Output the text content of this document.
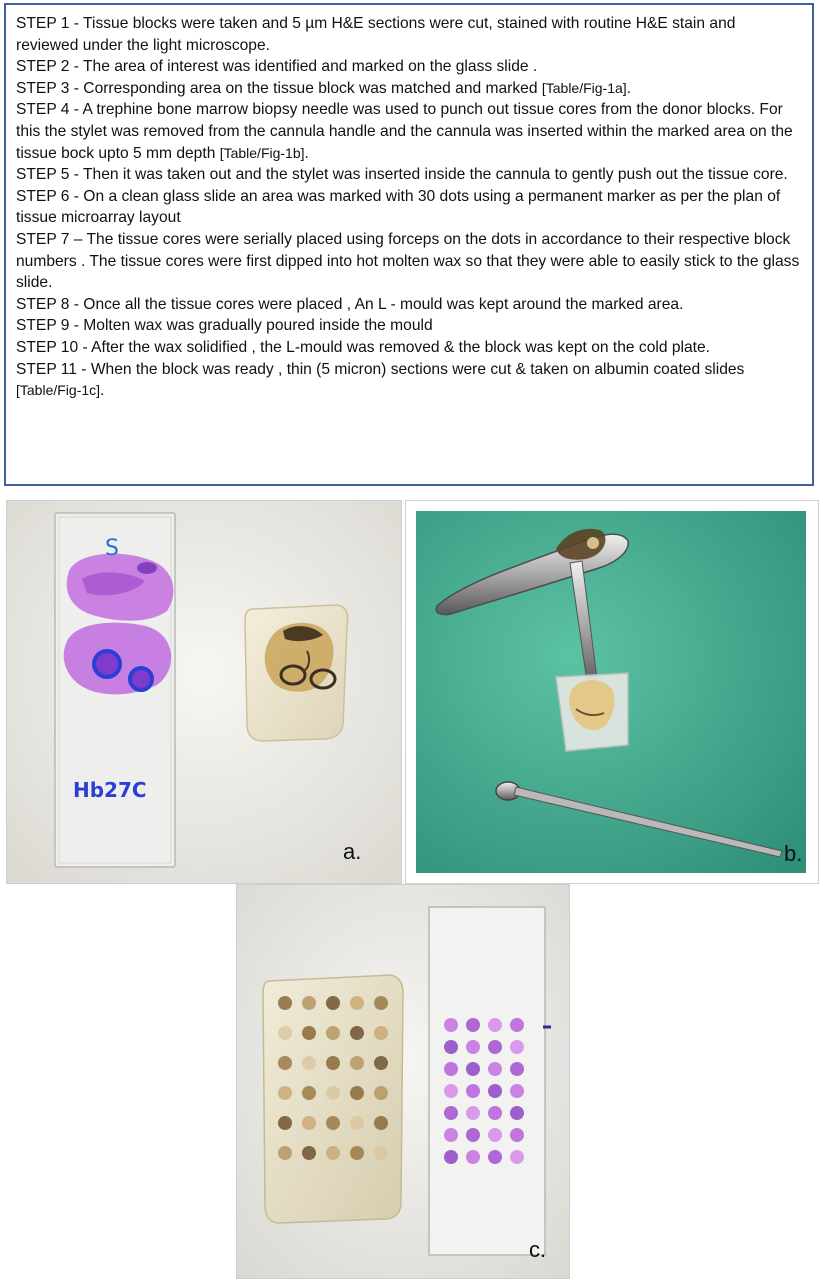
STEP 1 - Tissue blocks were taken and 5 µm H&E sections were cut, stained with routine H&E stain and reviewed under the light microscope.

STEP 2 - The area of interest was identified and marked on the glass slide .

STEP 3 - Corresponding area on the tissue block was matched and marked [Table/Fig-1a].

STEP 4 - A trephine bone marrow biopsy needle was used to punch out tissue cores from the donor blocks. For this the stylet was removed from the cannula handle and the cannula was inserted within the marked area on the tissue bock upto 5 mm depth [Table/Fig-1b].

STEP 5 - Then it was taken out and the stylet was inserted inside the cannula to gently push out the tissue core.

STEP 6 - On a clean glass slide an area was marked with 30 dots using a permanent marker as per the plan of tissue microarray layout

STEP 7 – The tissue cores were serially placed using forceps on the dots in accordance to their respective block numbers . The tissue cores were first dipped into hot molten wax so that they were able to easily stick to the glass slide.

STEP 8 - Once all the tissue cores were placed , An L - mould was kept around the marked area.

STEP 9 - Molten wax was gradually poured inside the mould

STEP 10 - After the wax solidified , the L-mould was removed & the block was kept on the cold plate.

STEP 11 - When the block was ready , thin (5 micron) sections were cut & taken on albumin coated slides [Table/Fig-1c].

S
Hb27C
a.	b.
c.
